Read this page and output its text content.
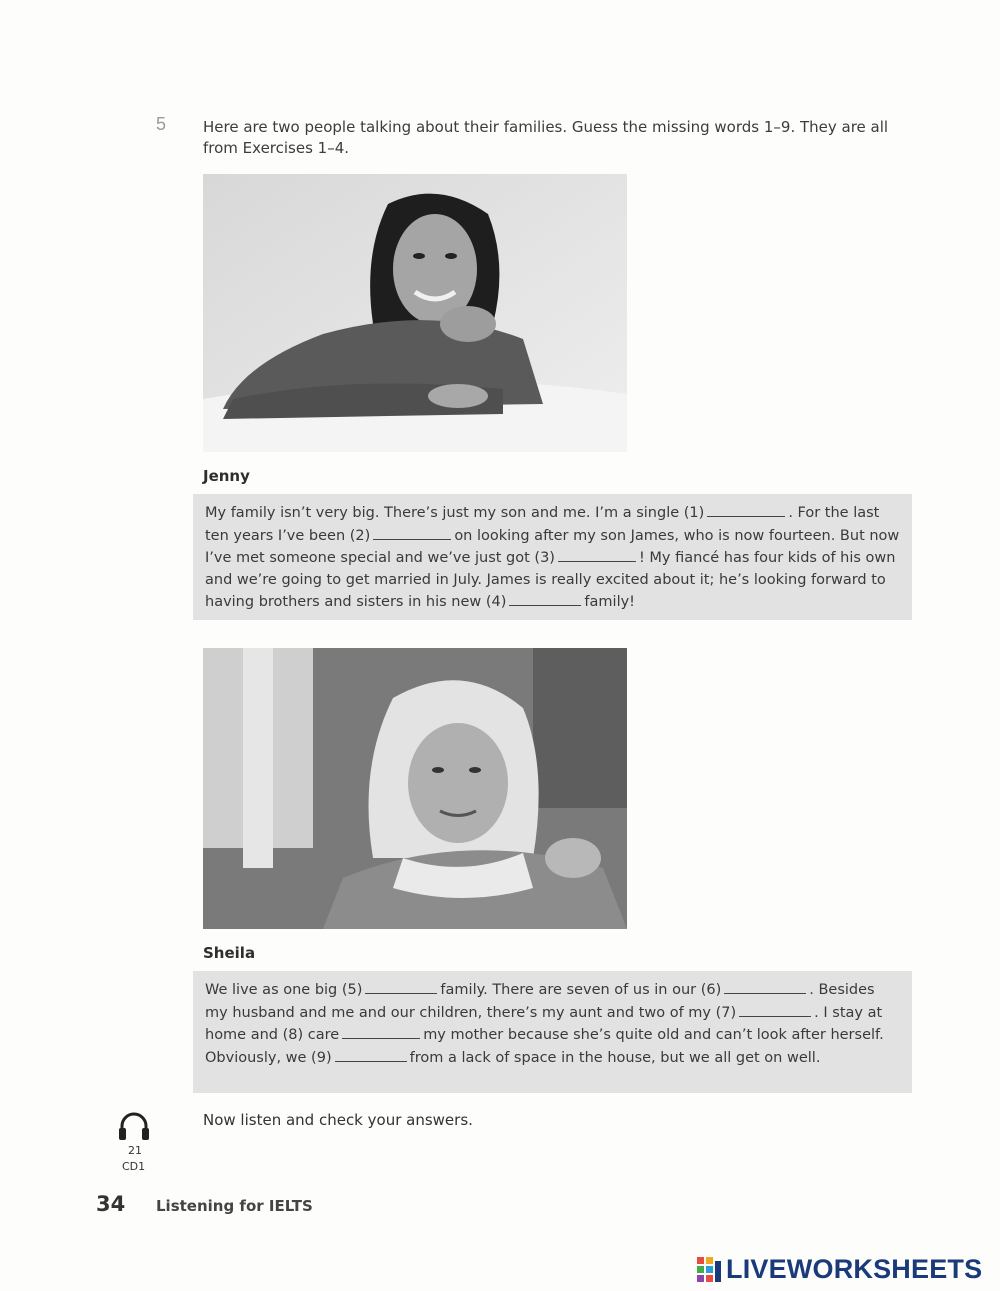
5 Here are two people talking about their families. Guess the missing words 1–9. They are all from Exercises 1–4.
Jenny
My family isn’t very big. There’s just my son and me. I’m a single (1)	. For the last ten years I’ve been (2)	on looking after my son James, who is now fourteen. But now I’ve met someone special and we’ve just got (3)	! My fiancé has four kids of his own and we’re going to get married in July. James is really excited about it; he’s looking forward to having brothers and sisters in his new (4)	family!
Sheila
We live as one big (5)	family. There are seven of us in our (6)	. Besides my husband and me and our children, there’s my aunt and two of my (7)	. I stay at home and (8) care	my mother because she’s quite old and can’t look after herself. Obviously, we (9)	from a lack of space in the house, but we all get on well.
21
CD1
Now listen and check your answers.
34 Listening for IELTS
LIVEWORKSHEETS
